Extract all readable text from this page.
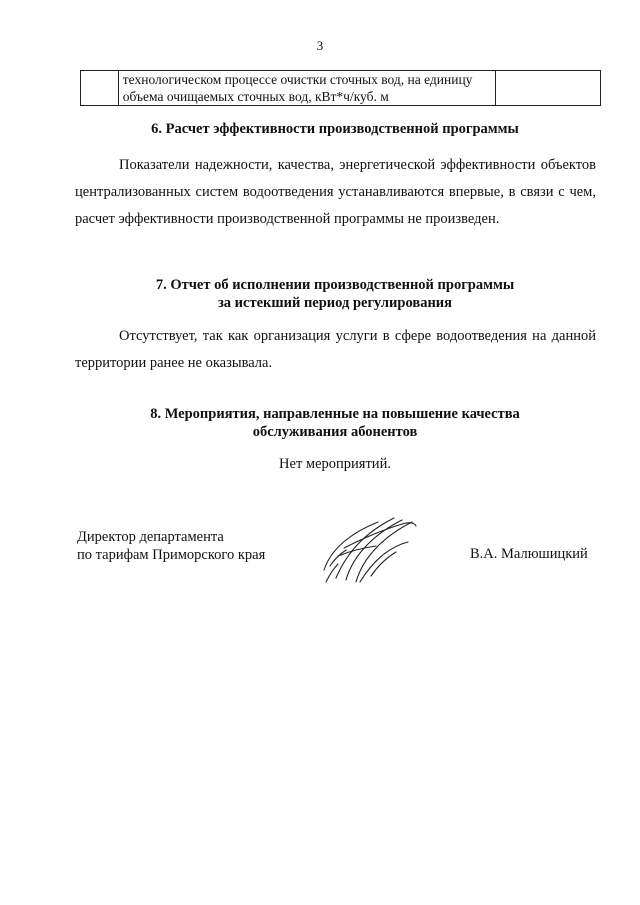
3

технологическом процессе очистки сточных вод, на единицу
объема очищаемых сточных вод, кВт*ч/куб. м

6. Расчет эффективности производственной программы
Показатели надежности, качества, энергетической эффективности объектов централизованных систем водоотведения устанавливаются впервые, в связи с чем, расчет эффективности производственной программы не произведен.
7. Отчет об исполнении производственной программы
за истекший период регулирования
Отсутствует, так как организация услуги в сфере водоотведения на данной территории ранее не оказывала.
8. Мероприятия, направленные на повышение качества
обслуживания абонентов
Нет мероприятий.
Директор департамента
по тарифам Приморского края	В.А. Малюшицкий
